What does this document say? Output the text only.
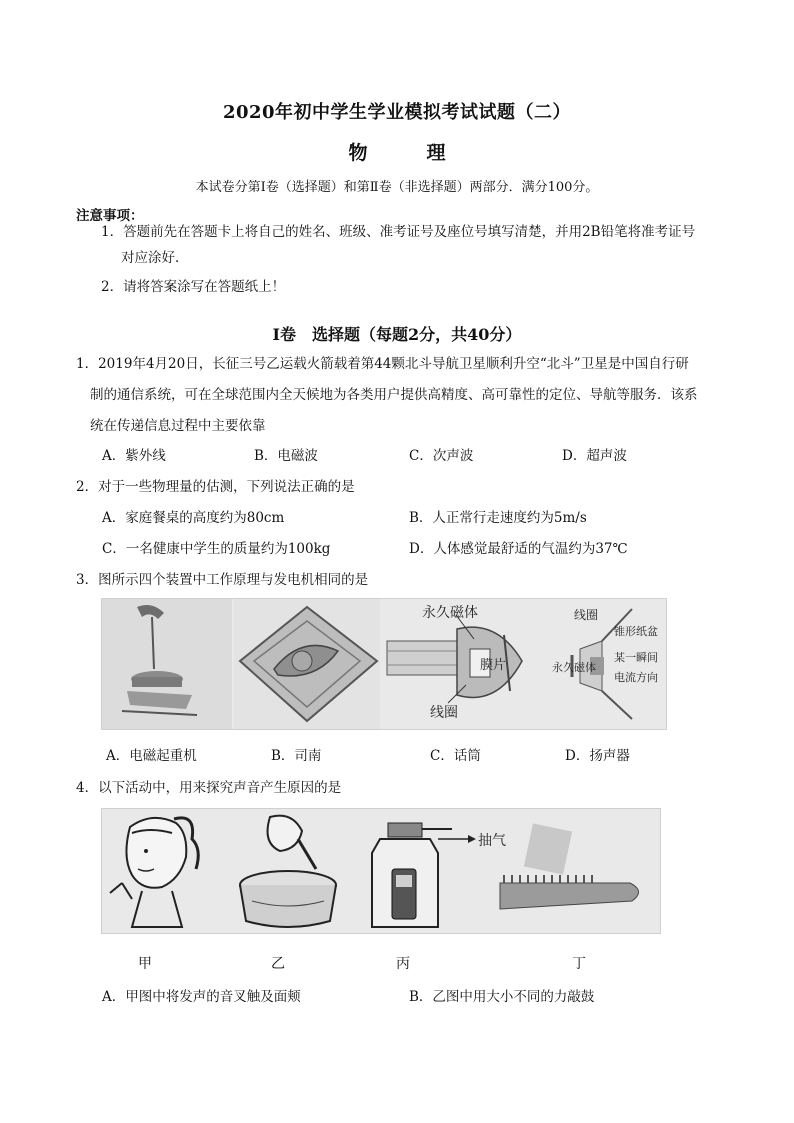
2020年初中学生学业模拟考试试题（二）
物　理
本试卷分第Ⅰ卷（选择题）和第Ⅱ卷（非选择题）两部分．满分100分。
注意事项：
1．答题前先在答题卡上将自己的姓名、班级、准考证号及座位号填写清楚，并用2B铅笔将准考证号
对应涂好．
2．请将答案涂写在答题纸上！
Ⅰ卷　选择题（每题2分，共40分）
1．2019年4月20日，长征三号乙运载火箭载着第44颗北斗导航卫星顺利升空“北斗”卫星是中国自行研
制的通信系统，可在全球范围内全天候地为各类用户提供高精度、高可靠性的定位、导航等服务．该系
统在传递信息过程中主要依靠
A．紫外线	B．电磁波	C．次声波	D．超声波
2．对于一些物理量的估测，下列说法正确的是
A．家庭餐桌的高度约为80cm	B．人正常行走速度约为5m/s
C．一名健康中学生的质量约为100kg	D．人体感觉最舒适的气温约为37℃
3．图所示四个装置中工作原理与发电机相同的是
永久磁体
膜片
线圈
线圈
锥形纸盆
永久磁体
某一瞬间
电流方向
A．电磁起重机	B．司南	C．话筒	D．扬声器
4．以下活动中，用来探究声音产生原因的是
抽气
甲	乙	丙	丁
A．甲图中将发声的音叉触及面颊	B．乙图中用大小不同的力敲鼓
